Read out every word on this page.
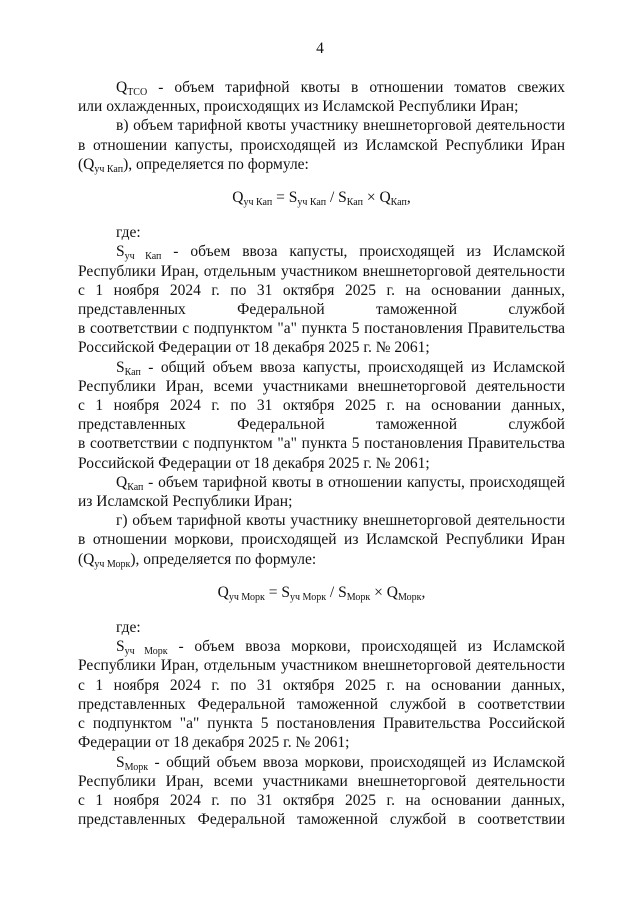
4
$Q_{ТСО}$ - объем тарифной квоты в отношении томатов свежих
или охлажденных, происходящих из Исламской Республики Иран;
в) объем тарифной квоты участнику внешнеторговой деятельности
в отношении капусты, происходящей из Исламской Республики Иран
$(Q_{уч Кап})$, определяется по формуле:
$Q_{уч Кап} = S_{уч Кап} / S_{Кап} \times Q_{Кап}$,
где:
$S_{уч Кап}$ - объем ввоза капусты, происходящей из Исламской
Республики Иран, отдельным участником внешнеторговой деятельности
с 1 ноября 2024 г. по 31 октября 2025 г. на основании данных,
представленных	Федеральной	таможенной	службой
в соответствии с подпунктом "а" пункта 5 постановления Правительства
Российской Федерации от 18 декабря 2025 г. № 2061;
$S_{Кап}$ - общий объем ввоза капусты, происходящей из Исламской
Республики Иран, всеми участниками внешнеторговой деятельности
с 1 ноября 2024 г. по 31 октября 2025 г. на основании данных,
представленных	Федеральной	таможенной	службой
в соответствии с подпунктом "а" пункта 5 постановления Правительства
Российской Федерации от 18 декабря 2025 г. № 2061;
$Q_{Кап}$ - объем тарифной квоты в отношении капусты, происходящей
из Исламской Республики Иран;
г) объем тарифной квоты участнику внешнеторговой деятельности
в отношении моркови, происходящей из Исламской Республики Иран
$(Q_{уч Морк})$, определяется по формуле:
$Q_{уч Морк} = S_{уч Морк} / S_{Морк} \times Q_{Морк}$,
где:
$S_{уч Морк}$ - объем ввоза моркови, происходящей из Исламской
Республики Иран, отдельным участником внешнеторговой деятельности
с 1 ноября 2024 г. по 31 октября 2025 г. на основании данных,
представленных Федеральной таможенной службой в соответствии
с подпунктом "а" пункта 5 постановления Правительства Российской
Федерации от 18 декабря 2025 г. № 2061;
$S_{Морк}$ - общий объем ввоза моркови, происходящей из Исламской
Республики Иран, всеми участниками внешнеторговой деятельности
с 1 ноября 2024 г. по 31 октября 2025 г. на основании данных,
представленных Федеральной таможенной службой в соответствии
